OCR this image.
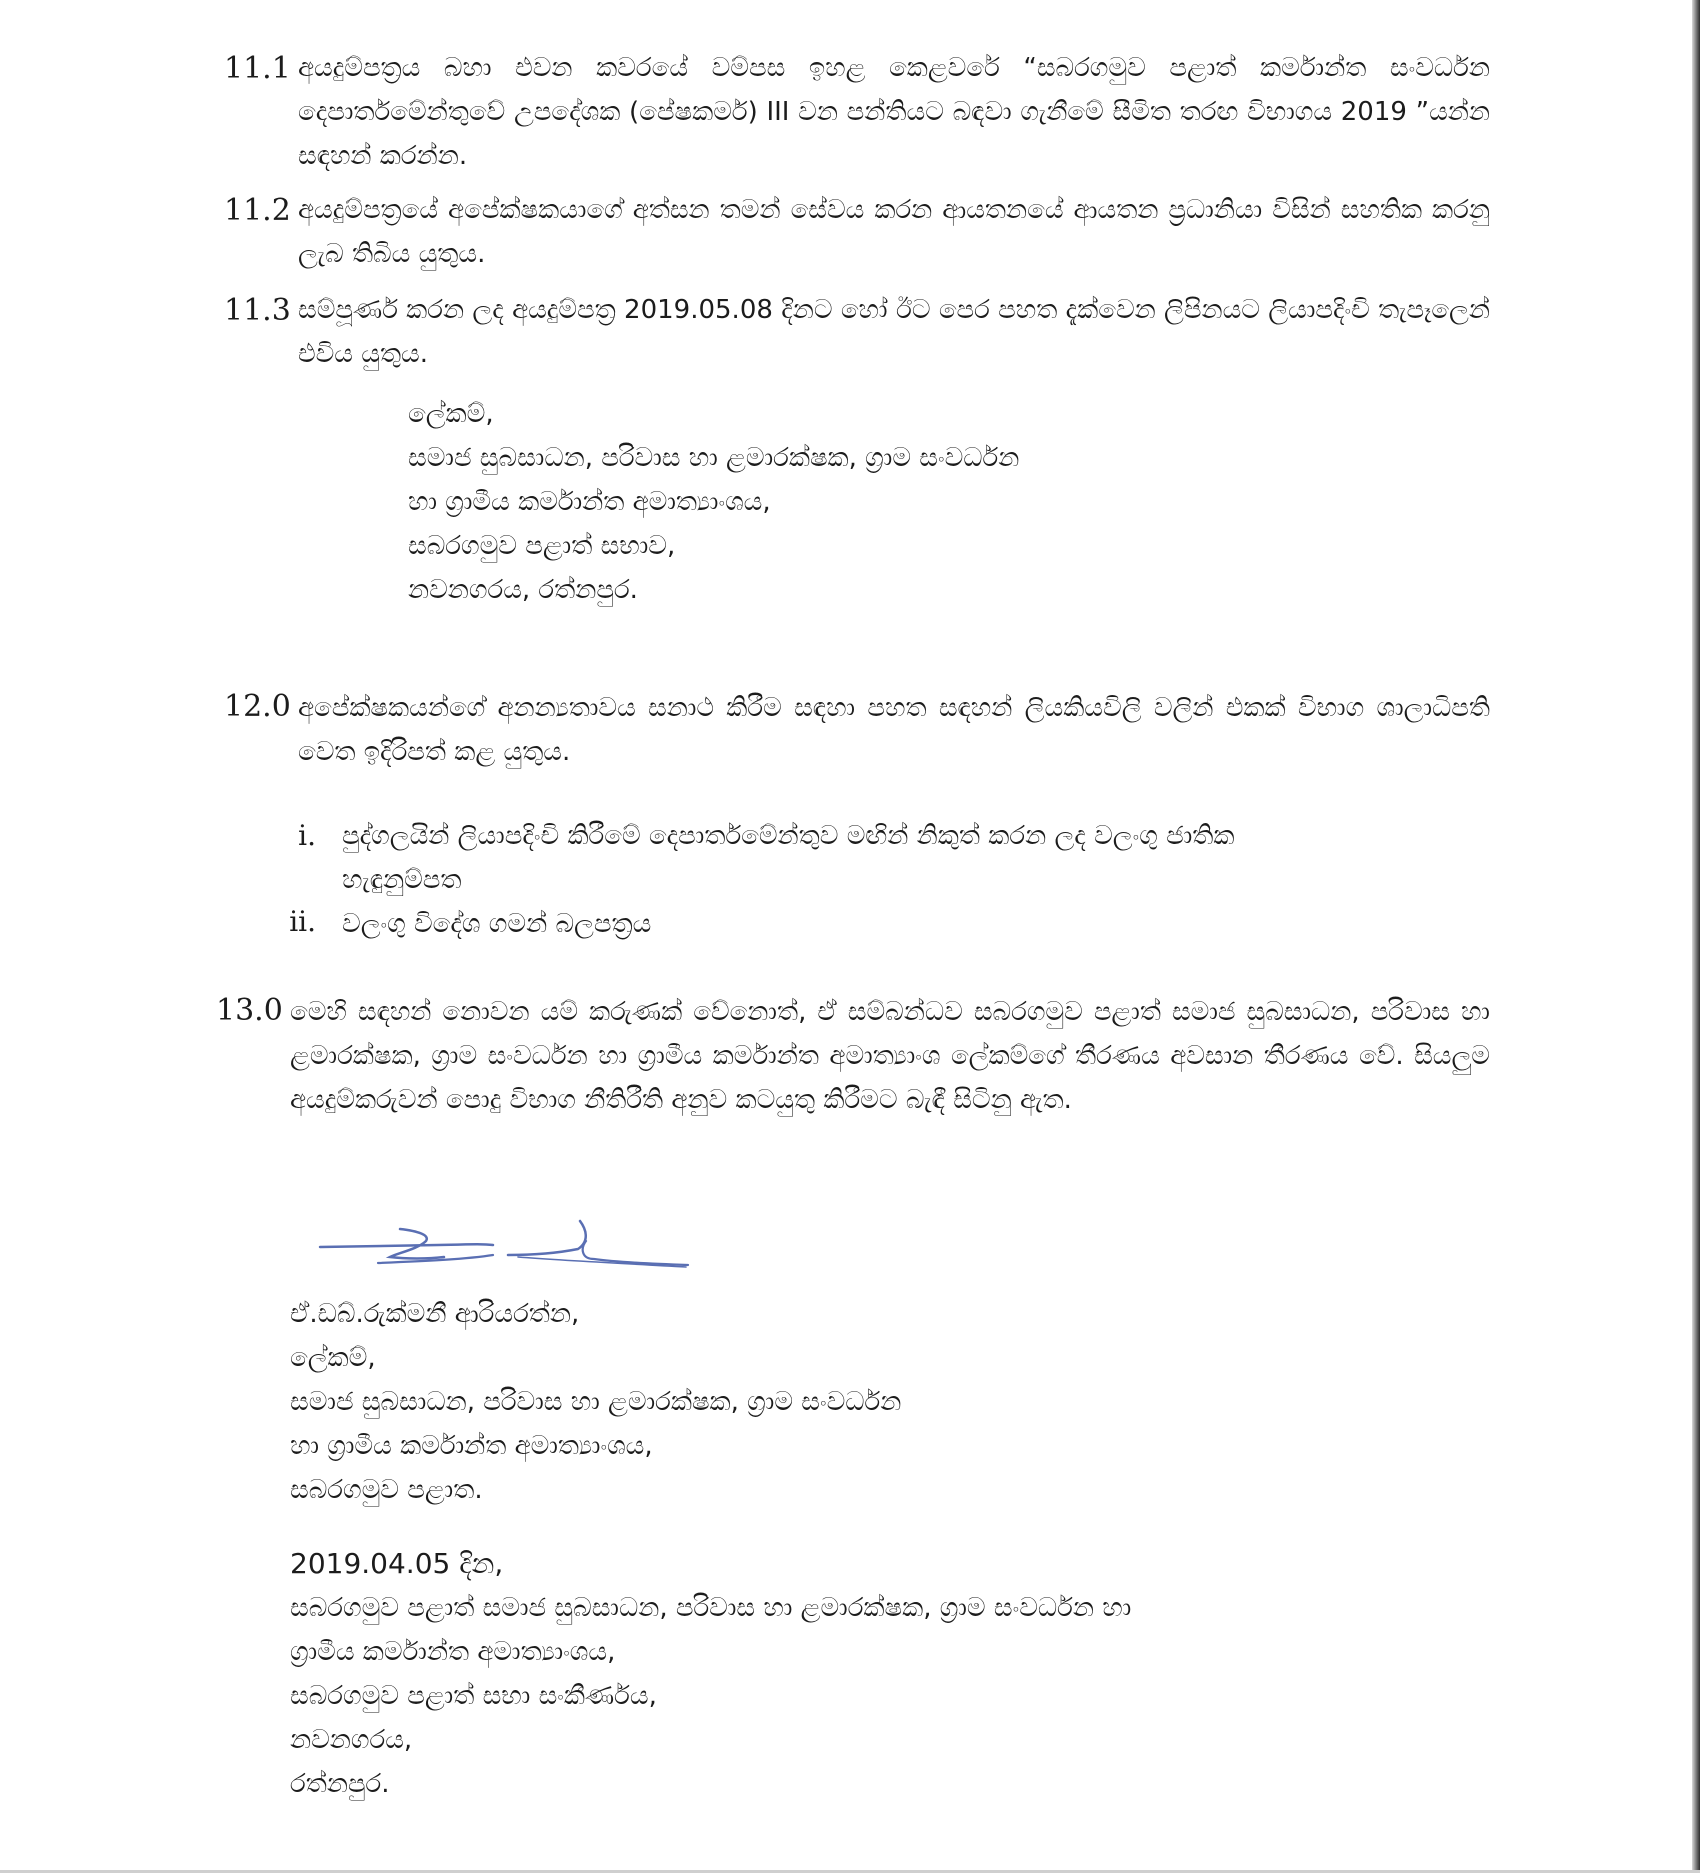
11.1 අයදුම්පත්‍රය බහා එවන කවරයේ වම්පස ඉහළ කෙළවරේ “සබරගමුව පළාත් කර්මාන්ත සංවර්ධන දෙපාර්තමේන්තුවේ උපදේශක (පේෂකර්ම) III වන පන්තියට බඳවා ගැනීමේ සීමිත තරඟ විභාගය 2019 ”යන්න සඳහන් කරන්න.
11.2 අයදුම්පත්‍රයේ අපේක්ෂකයාගේ අත්සන තමන් සේවය කරන ආයතනයේ ආයතන ප්‍රධානියා විසින් සහතික කරනු ලැබ තිබිය යුතුය.
11.3 සම්පූර්ණ කරන ලද අයදුම්පත්‍ර 2019.05.08 දිනට හෝ ඊට පෙර පහත දැක්වෙන ලිපිනයට ලියාපදිංචි තැපෑලෙන් එවිය යුතුය.
ලේකම්,
සමාජ සුබසාධන, පරිවාස හා ළමාරක්ෂක, ග්‍රාම සංවර්ධන
හා ග්‍රාමීය කර්මාන්ත අමාත්‍යාංශය,
සබරගමුව පළාත් සභාව,
නවනගරය, රත්නපුර.
12.0 අපේක්ෂකයන්ගේ අනන්‍යතාවය සනාථ කිරීම සඳහා පහත සඳහන් ලියකියවිලි වලින් එකක් විභාග ශාලාධිපති වෙත ඉදිරිපත් කළ යුතුය.
i. පුද්ගලයින් ලියාපදිංචි කිරීමේ දෙපාර්තමේන්තුව මඟින් නිකුත් කරන ලද වලංගු ජාතික
හැඳුනුම්පත
ii. වලංගු විදේශ ගමන් බලපත්‍රය
13.0 මෙහි සඳහන් නොවන යම් කරුණක් වේනොත්, ඒ සම්බන්ධව සබරගමුව පළාත් සමාජ සුබසාධන, පරිවාස හා ළමාරක්ෂක, ග්‍රාම සංවර්ධන හා ග්‍රාමීය කර්මාන්ත අමාත්‍යාංශ ලේකම්ගේ තීරණය අවසාන තීරණය වේ. සියලුම අයදුම්කරුවන් පොදු විභාග නීතිරීති අනුව කටයුතු කිරීමට බැඳී සිටිනු ඇත.
ඒ.ඩබ්.රුක්මනී ආරියරත්න,
ලේකම්,
සමාජ සුබසාධන, පරිවාස හා ළමාරක්ෂක, ග්‍රාම සංවර්ධන
හා ග්‍රාමීය කර්මාන්ත අමාත්‍යාංශය,
සබරගමුව පළාත.
2019.04.05 දින,
සබරගමුව පළාත් සමාජ සුබසාධන, පරිවාස හා ළමාරක්ෂක, ග්‍රාම සංවර්ධන හා
ග්‍රාමීය කර්මාන්ත අමාත්‍යාංශය,
සබරගමුව පළාත් සභා සංකීර්ණය,
නවනගරය,
රත්නපුර.
